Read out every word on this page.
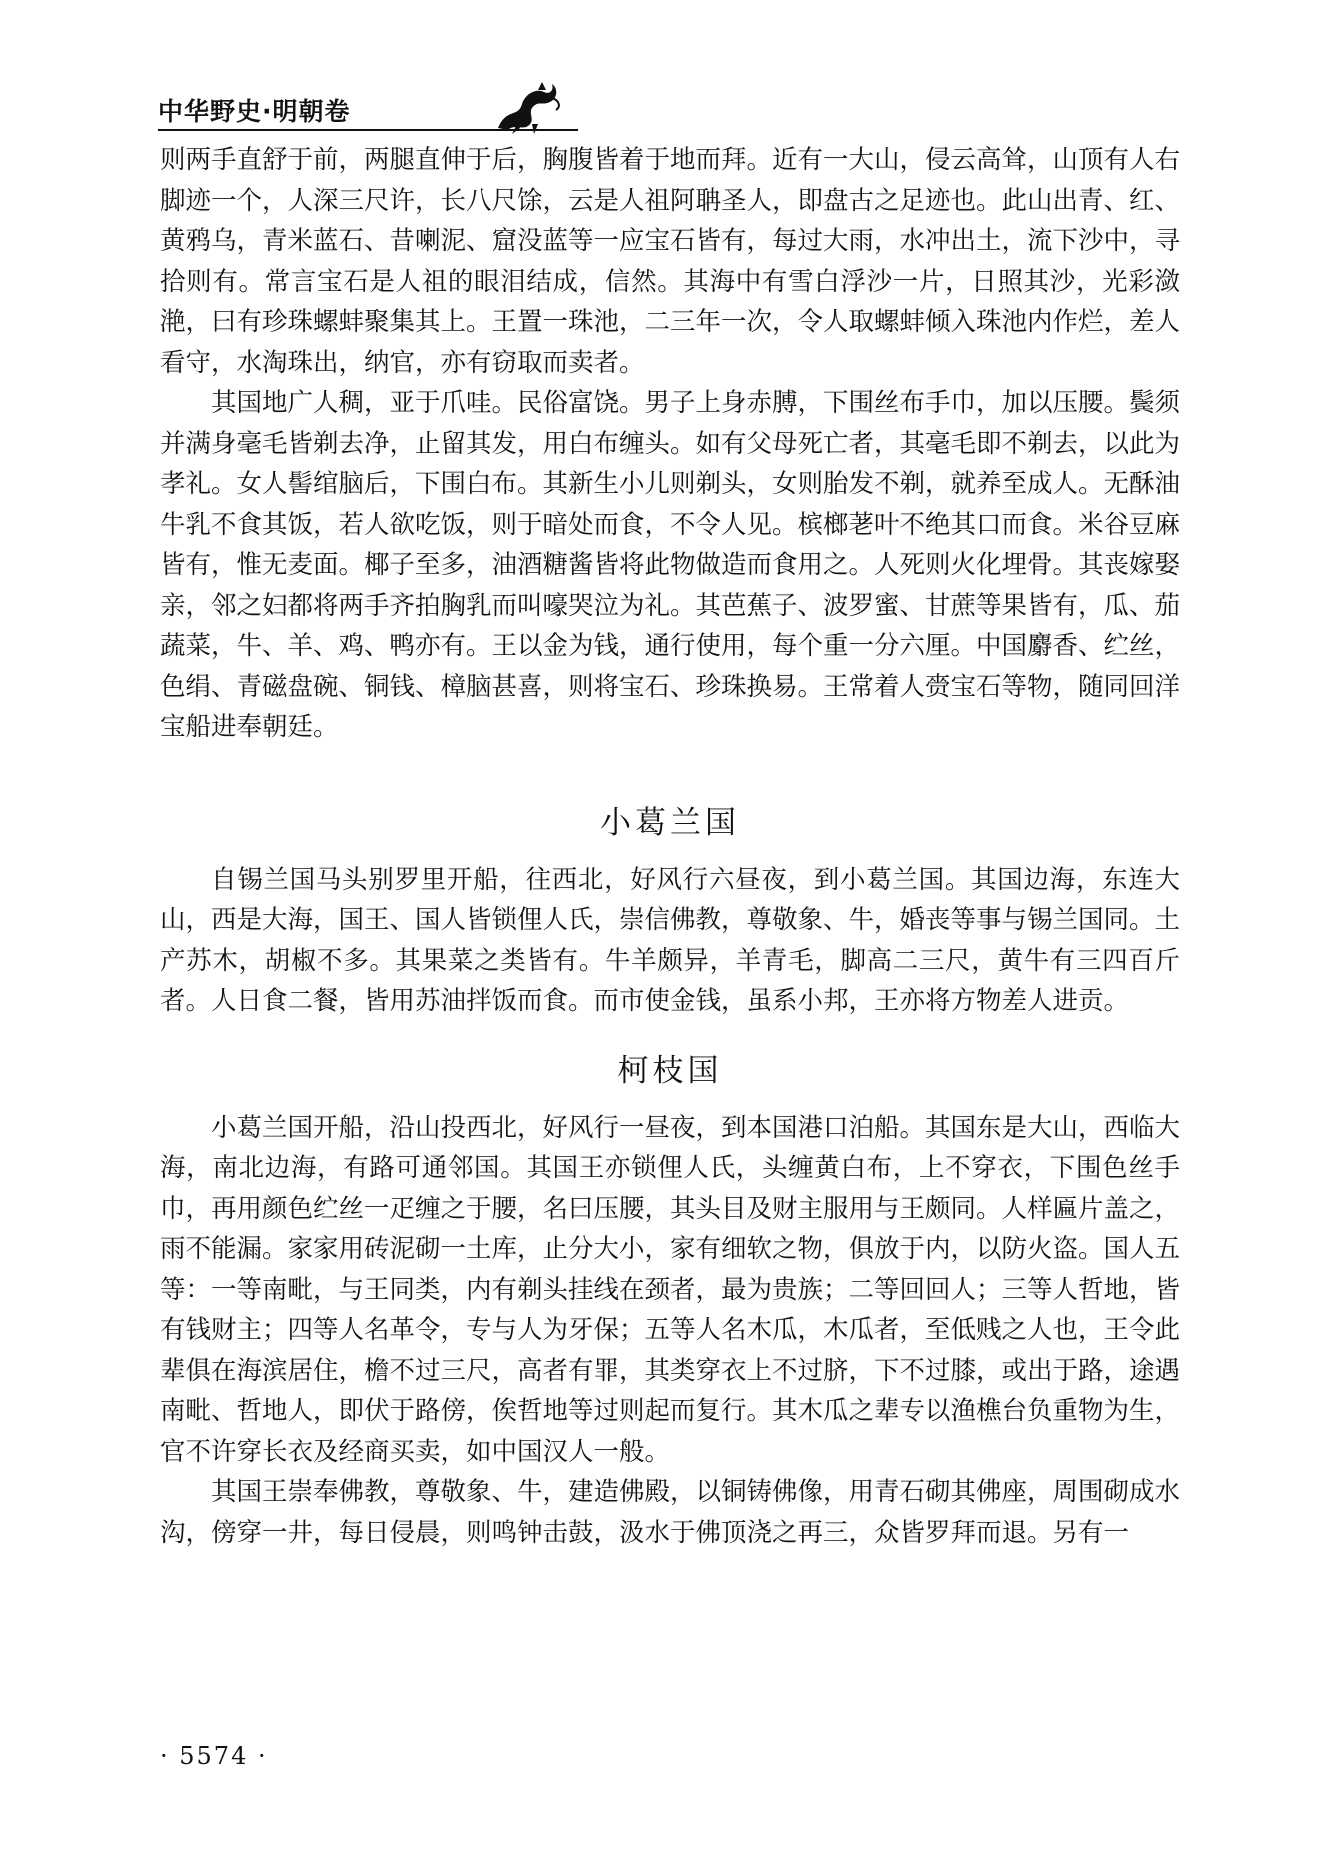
中华野史·明朝卷

则两手直舒于前，两腿直伸于后，胸腹皆着于地而拜。近有一大山，侵云高耸，山顶有人右脚迹一个，人深三尺许，长八尺馀，云是人祖阿聃圣人，即盘古之足迹也。此山出青、红、黄鸦乌，青米蓝石、昔喇泥、窟没蓝等一应宝石皆有，每过大雨，水冲出土，流下沙中，寻拾则有。常言宝石是人祖的眼泪结成，信然。其海中有雪白浮沙一片，日照其沙，光彩潋滟，曰有珍珠螺蚌聚集其上。王置一珠池，二三年一次，令人取螺蚌倾入珠池内作烂，差人看守，水淘珠出，纳官，亦有窃取而卖者。

其国地广人稠，亚于爪哇。民俗富饶。男子上身赤膊，下围丝布手巾，加以压腰。鬓须并满身毫毛皆剃去净，止留其发，用白布缠头。如有父母死亡者，其毫毛即不剃去，以此为孝礼。女人髻绾脑后，下围白布。其新生小儿则剃头，女则胎发不剃，就养至成人。无酥油牛乳不食其饭，若人欲吃饭，则于暗处而食，不令人见。槟榔荖叶不绝其口而食。米谷豆麻皆有，惟无麦面。椰子至多，油酒糖酱皆将此物做造而食用之。人死则火化埋骨。其丧嫁娶亲，邻之妇都将两手齐拍胸乳而叫嚎哭泣为礼。其芭蕉子、波罗蜜、甘蔗等果皆有，瓜、茄蔬菜，牛、羊、鸡、鸭亦有。王以金为钱，通行使用，每个重一分六厘。中国麝香、纻丝，色绢、青磁盘碗、铜钱、樟脑甚喜，则将宝石、珍珠换易。王常着人赍宝石等物，随同回洋宝船进奉朝廷。

小葛兰国

自锡兰国马头别罗里开船，往西北，好风行六昼夜，到小葛兰国。其国边海，东连大山，西是大海，国王、国人皆锁俚人氏，崇信佛教，尊敬象、牛，婚丧等事与锡兰国同。土产苏木，胡椒不多。其果菜之类皆有。牛羊颇异，羊青毛，脚高二三尺，黄牛有三四百斤者。人日食二餐，皆用苏油拌饭而食。而市使金钱，虽系小邦，王亦将方物差人进贡。

柯枝国

小葛兰国开船，沿山投西北，好风行一昼夜，到本国港口泊船。其国东是大山，西临大海，南北边海，有路可通邻国。其国王亦锁俚人氏，头缠黄白布，上不穿衣，下围色丝手巾，再用颜色纻丝一疋缠之于腰，名曰压腰，其头目及财主服用与王颇同。人样匾片盖之，雨不能漏。家家用砖泥砌一土库，止分大小，家有细软之物，俱放于内，以防火盗。国人五等：一等南毗，与王同类，内有剃头挂线在颈者，最为贵族；二等回回人；三等人哲地，皆有钱财主；四等人名革令，专与人为牙保；五等人名木瓜，木瓜者，至低贱之人也，王令此辈俱在海滨居住，檐不过三尺，高者有罪，其类穿衣上不过脐，下不过膝，或出于路，途遇南毗、哲地人，即伏于路傍，俟哲地等过则起而复行。其木瓜之辈专以渔樵台负重物为生，官不许穿长衣及经商买卖，如中国汉人一般。

其国王崇奉佛教，尊敬象、牛，建造佛殿，以铜铸佛像，用青石砌其佛座，周围砌成水沟，傍穿一井，每日侵晨，则鸣钟击鼓，汲水于佛顶浇之再三，众皆罗拜而退。另有一

· 5574 ·
